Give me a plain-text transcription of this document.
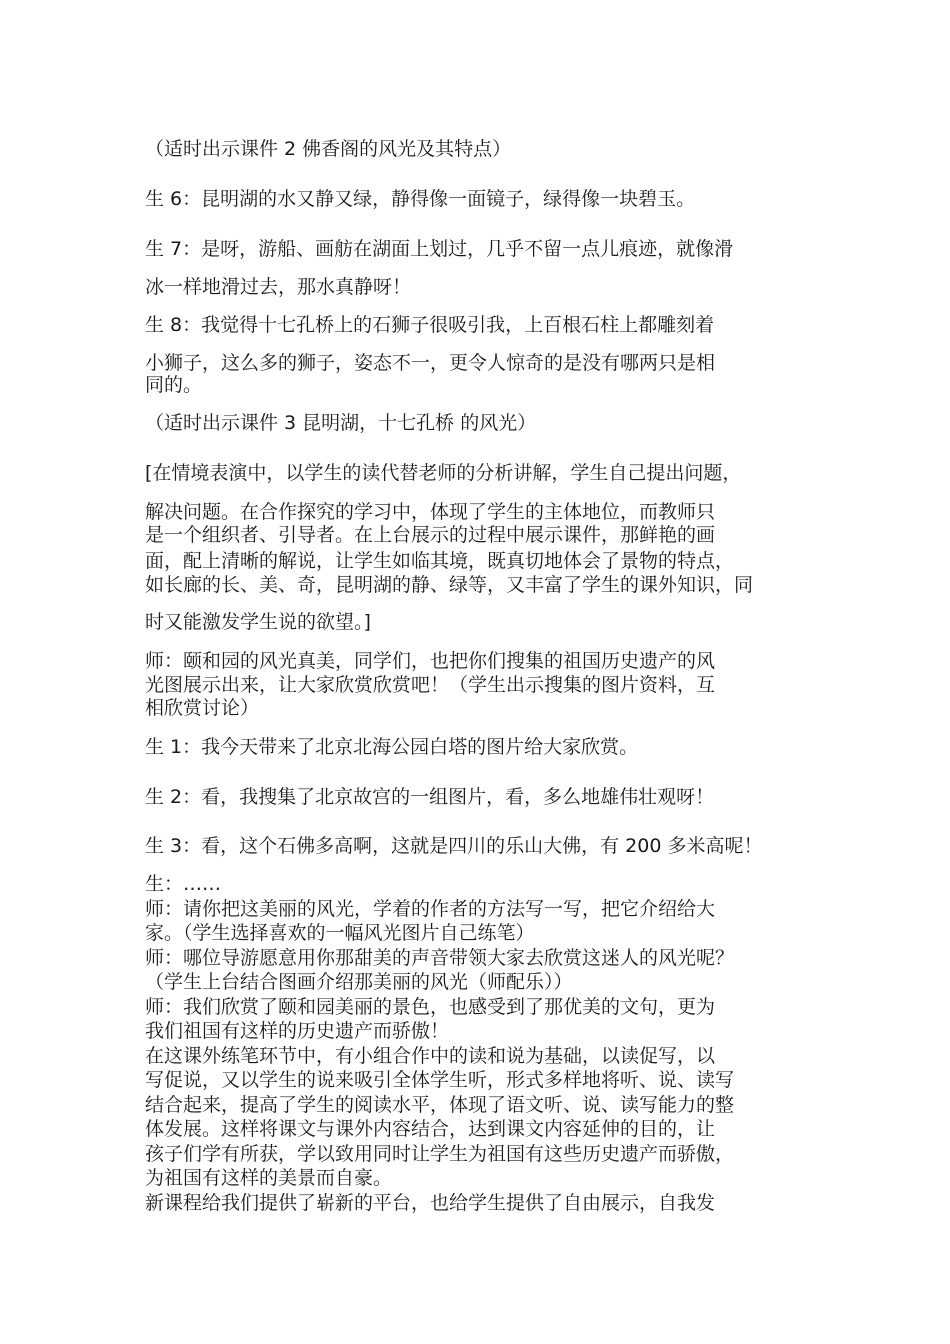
（适时出示课件 2 佛香阁的风光及其特点）
生 6：昆明湖的水又静又绿，静得像一面镜子，绿得像一块碧玉。
生 7：是呀，游船、画舫在湖面上划过，几乎不留一点儿痕迹，就像滑
冰一样地滑过去，那水真静呀！
生 8：我觉得十七孔桥上的石狮子很吸引我，上百根石柱上都雕刻着
小狮子，这么多的狮子，姿态不一，更令人惊奇的是没有哪两只是相
同的。
（适时出示课件 3 昆明湖，十七孔桥 的风光）
[在情境表演中，以学生的读代替老师的分析讲解，学生自己提出问题，
解决问题。在合作探究的学习中，体现了学生的主体地位，而教师只
是一个组织者、引导者。在上台展示的过程中展示课件，那鲜艳的画
面，配上清晰的解说，让学生如临其境，既真切地体会了景物的特点，
如长廊的长、美、奇，昆明湖的静、绿等，又丰富了学生的课外知识，同
时又能激发学生说的欲望。]
师：颐和园的风光真美，同学们，也把你们搜集的祖国历史遗产的风
光图展示出来，让大家欣赏欣赏吧！（学生出示搜集的图片资料，互
相欣赏讨论）
生 1：我今天带来了北京北海公园白塔的图片给大家欣赏。
生 2：看，我搜集了北京故宫的一组图片，看，多么地雄伟壮观呀！
生 3：看，这个石佛多高啊，这就是四川的乐山大佛，有 200 多米高呢！
生：……
师：请你把这美丽的风光，学着的作者的方法写一写，把它介绍给大
家。（学生选择喜欢的一幅风光图片自己练笔）
师：哪位导游愿意用你那甜美的声音带领大家去欣赏这迷人的风光呢？
（学生上台结合图画介绍那美丽的风光（师配乐））
师：我们欣赏了颐和园美丽的景色，也感受到了那优美的文句，更为
我们祖国有这样的历史遗产而骄傲！
在这课外练笔环节中，有小组合作中的读和说为基础，以读促写，以
写促说，又以学生的说来吸引全体学生听，形式多样地将听、说、读写
结合起来，提高了学生的阅读水平，体现了语文听、说、读写能力的整
体发展。这样将课文与课外内容结合，达到课文内容延伸的目的，让
孩子们学有所获，学以致用同时让学生为祖国有这些历史遗产而骄傲，
为祖国有这样的美景而自豪。
新课程给我们提供了崭新的平台，也给学生提供了自由展示，自我发
